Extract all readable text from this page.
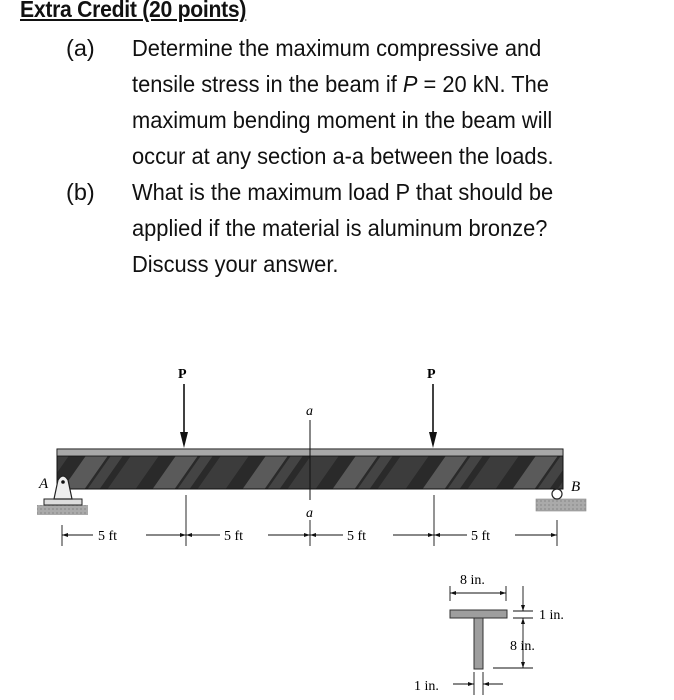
Extra Credit (20 points)
(a) Determine the maximum compressive and
tensile stress in the beam if P = 20 kN. The
maximum bending moment in the beam will
occur at any section a-a between the loads.
(b) What is the maximum load P that should be
applied if the material is aluminum bronze?
Discuss your answer.
A	B
P	P
a
a
5 ft	5 ft	5 ft	5 ft
8 in.
1 in.
8 in.
1 in.
